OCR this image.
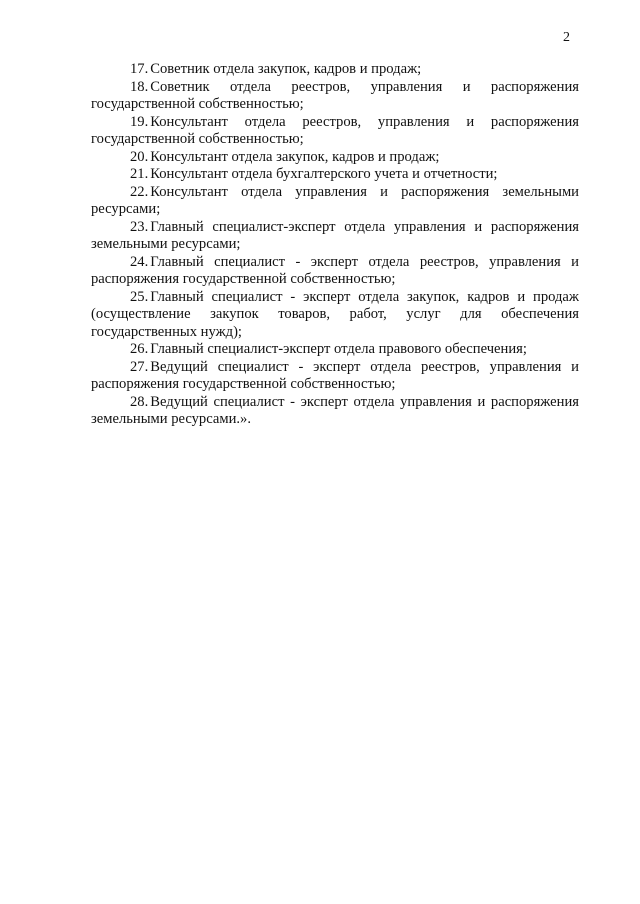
2

17. Советник отдела закупок, кадров и продаж;

18. Советник отдела реестров, управления и распоряжения государственной собственностью;

19. Консультант отдела реестров, управления и распоряжения государственной собственностью;

20. Консультант отдела закупок, кадров и продаж;

21. Консультант отдела бухгалтерского учета и отчетности;

22. Консультант отдела управления и распоряжения земельными ресурсами;

23. Главный специалист-эксперт отдела управления и распоряжения земельными ресурсами;

24. Главный специалист - эксперт отдела реестров, управления и распоряжения государственной собственностью;

25. Главный специалист - эксперт отдела закупок, кадров и продаж (осуществление закупок товаров, работ, услуг для обеспечения государственных нужд);

26. Главный специалист-эксперт отдела правового обеспечения;

27. Ведущий специалист - эксперт отдела реестров, управления и распоряжения государственной собственностью;

28. Ведущий специалист - эксперт отдела управления и распоряжения земельными ресурсами.».
